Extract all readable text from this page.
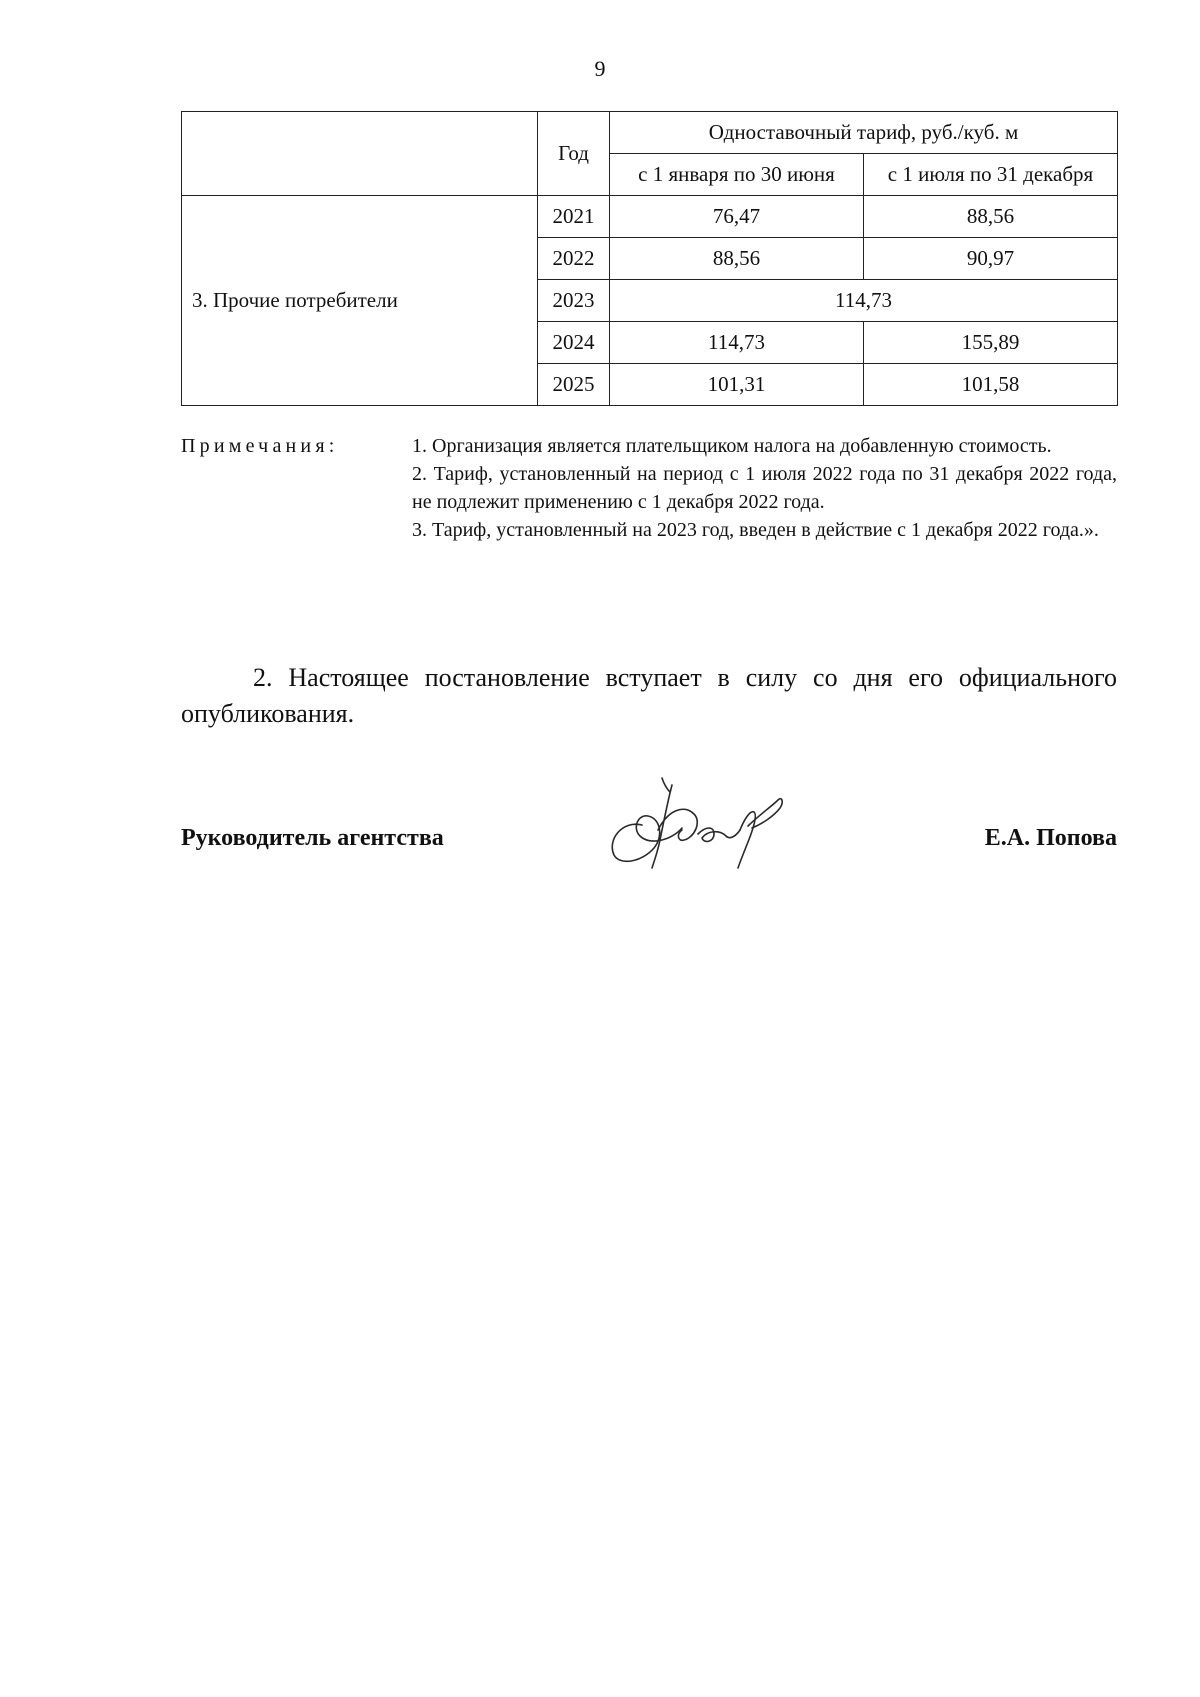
9
	Год	Одноставочный тариф, руб./куб. м	
		с 1 января по 30 июня	с 1 июля по 31 декабря
3. Прочие потребители	2021	76,47	88,56
	2022	88,56	90,97
	2023	114,73	
	2024	114,73	155,89
	2025	101,31	101,58
Примечания:	1. Организация является плательщиком налога на добавленную стоимость.
2. Тариф, установленный на период с 1 июля 2022 года по 31 декабря 2022 года, не подлежит применению с 1 декабря 2022 года.
3. Тариф, установленный на 2023 год, введен в действие с 1 декабря 2022 года.».
2. Настоящее постановление вступает в силу со дня его официального опубликования.
Руководитель агентства	Е.А. Попова
